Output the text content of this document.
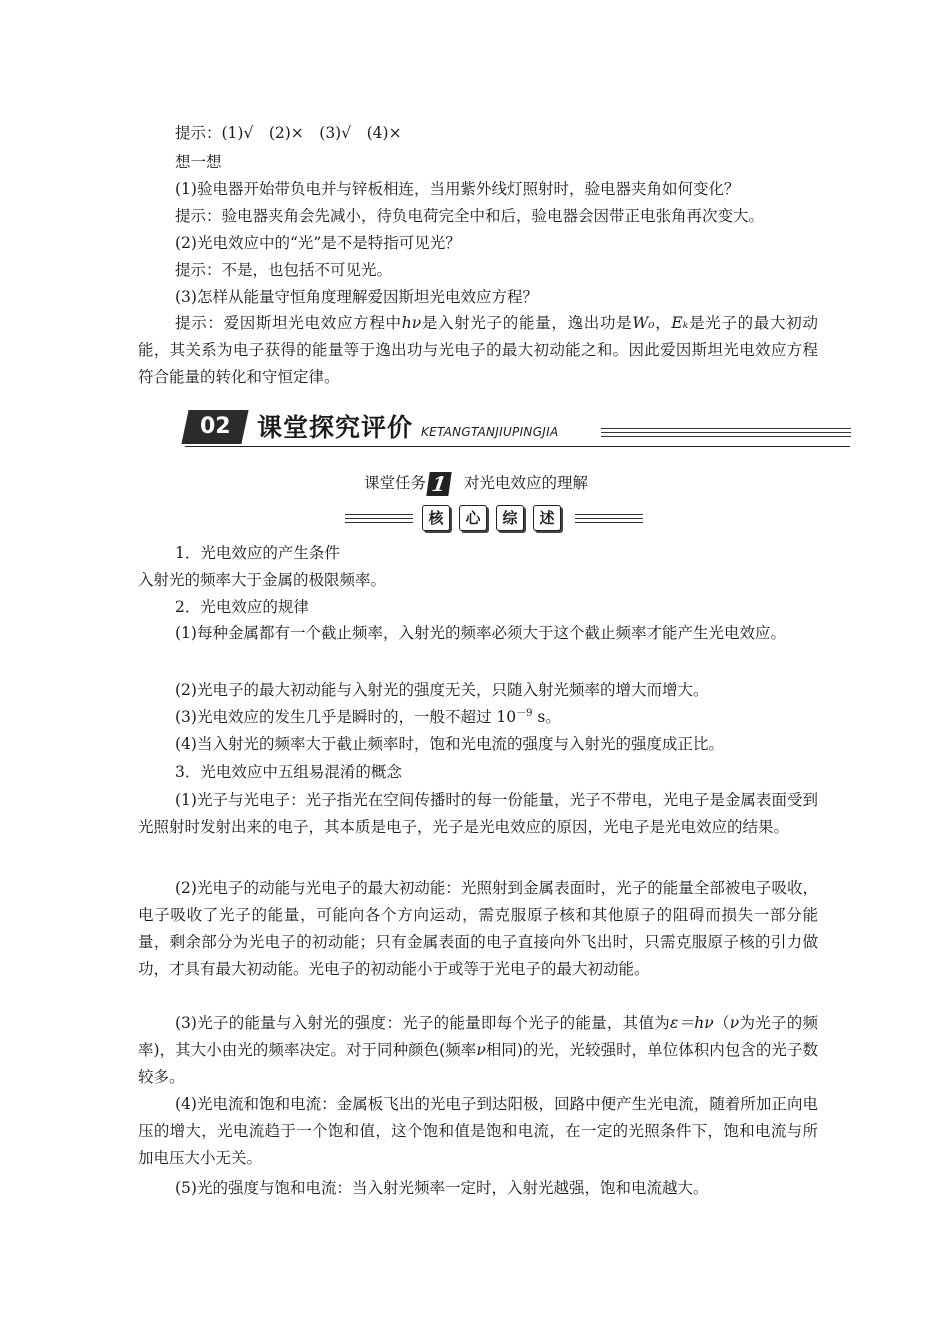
提示：(1)√　(2)×　(3)√　(4)×
想一想
(1)验电器开始带负电并与锌板相连，当用紫外线灯照射时，验电器夹角如何变化？
提示：验电器夹角会先减小，待负电荷完全中和后，验电器会因带正电张角再次变大。
(2)光电效应中的“光”是不是特指可见光？
提示：不是，也包括不可见光。
(3)怎样从能量守恒角度理解爱因斯坦光电效应方程？
提示：爱因斯坦光电效应方程中hν是入射光子的能量，逸出功是W₀，Eₖ是光子的最大初动能，其关系为电子获得的能量等于逸出功与光电子的最大初动能之和。因此爱因斯坦光电效应方程符合能量的转化和守恒定律。
02	课堂探究评价 KETANGTANJIUPINGJIA
课堂任务 1 对光电效应的理解
核	心	综	述
1．光电效应的产生条件
入射光的频率大于金属的极限频率。
2．光电效应的规律
(1)每种金属都有一个截止频率，入射光的频率必须大于这个截止频率才能产生光电效应。
(2)光电子的最大初动能与入射光的强度无关，只随入射光频率的增大而增大。
(3)光电效应的发生几乎是瞬时的，一般不超过 $10^{-9}$ s。
(4)当入射光的频率大于截止频率时，饱和光电流的强度与入射光的强度成正比。
3．光电效应中五组易混淆的概念
(1)光子与光电子：光子指光在空间传播时的每一份能量，光子不带电，光电子是金属表面受到光照射时发射出来的电子，其本质是电子，光子是光电效应的原因，光电子是光电效应的结果。
(2)光电子的动能与光电子的最大初动能：光照射到金属表面时，光子的能量全部被电子吸收，电子吸收了光子的能量，可能向各个方向运动，需克服原子核和其他原子的阻碍而损失一部分能量，剩余部分为光电子的初动能；只有金属表面的电子直接向外飞出时，只需克服原子核的引力做功，才具有最大初动能。光电子的初动能小于或等于光电子的最大初动能。
(3)光子的能量与入射光的强度：光子的能量即每个光子的能量，其值为ε＝hν（ν为光子的频率)，其大小由光的频率决定。对于同种颜色(频率ν相同)的光，光较强时，单位体积内包含的光子数较多。
(4)光电流和饱和电流：金属板飞出的光电子到达阳极，回路中便产生光电流，随着所加正向电压的增大，光电流趋于一个饱和值，这个饱和值是饱和电流，在一定的光照条件下，饱和电流与所加电压大小无关。
(5)光的强度与饱和电流：当入射光频率一定时，入射光越强，饱和电流越大。
